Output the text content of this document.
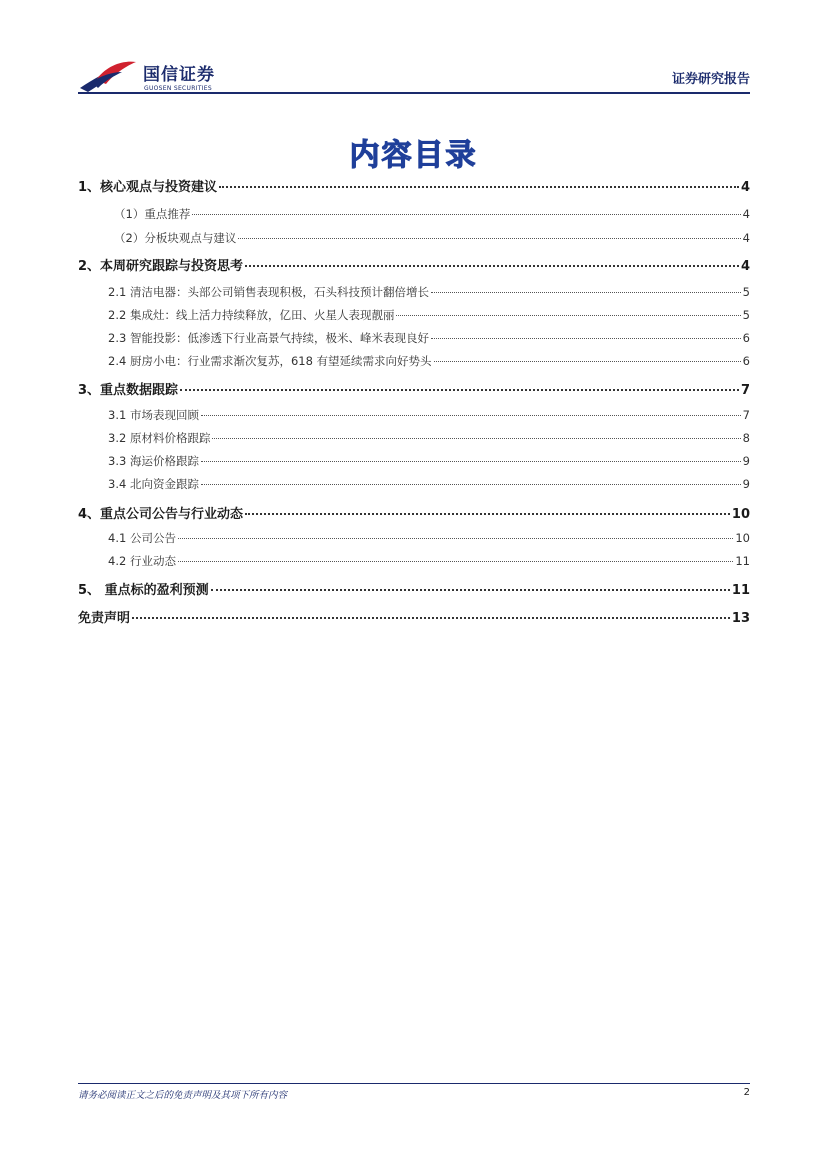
国信证券
GUOSEN SECURITIES
证券研究报告
内容目录
1、核心观点与投资建议	4
（1）重点推荐	4
（2）分板块观点与建议	4
2、本周研究跟踪与投资思考	4
2.1 清洁电器：头部公司销售表现积极，石头科技预计翻倍增长	5
2.2 集成灶：线上活力持续释放，亿田、火星人表现靓丽	5
2.3 智能投影：低渗透下行业高景气持续，极米、峰米表现良好	6
2.4 厨房小电：行业需求渐次复苏，618 有望延续需求向好势头	6
3、重点数据跟踪	7
3.1 市场表现回顾	7
3.2 原材料价格跟踪	8
3.3 海运价格跟踪	9
3.4 北向资金跟踪	9
4、重点公司公告与行业动态	10
4.1 公司公告	10
4.2 行业动态	11
5、 重点标的盈利预测	11
免责声明	13
请务必阅读正文之后的免责声明及其项下所有内容	2
